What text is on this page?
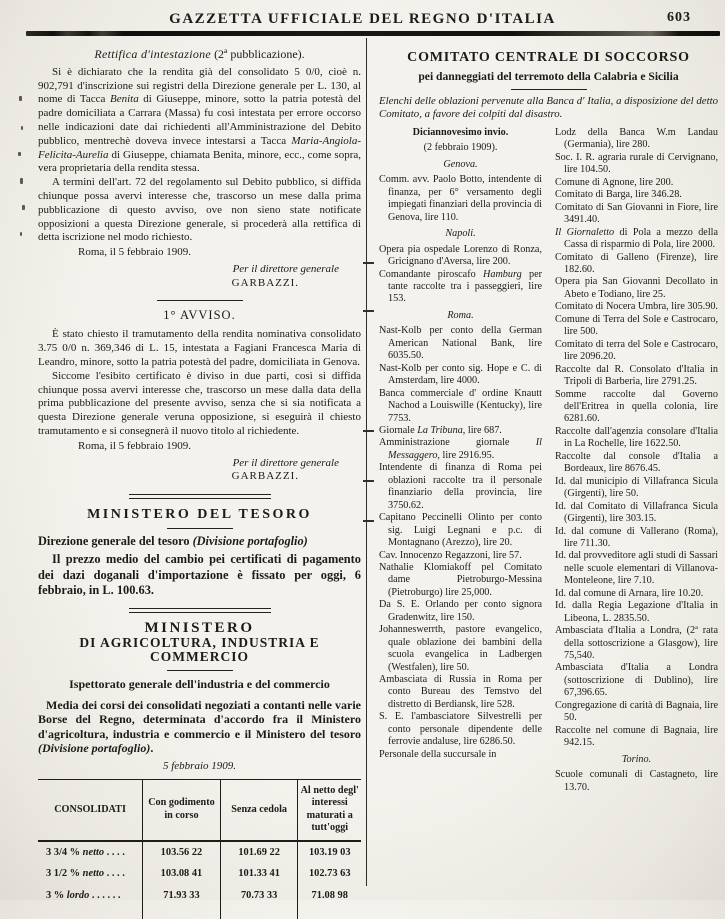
GAZZETTA UFFICIALE DEL REGNO D'ITALIA	603
Rettifica d'intestazione (2ª pubblicazione).

Si è dichiarato che la rendita già del consolidato 5 0/0, cioè n. 902,791 d'inscrizione sui registri della Direzione generale per L. 130, al nome di Tacca Benita di Giuseppe, minore, sotto la patria potestà del padre domiciliata a Carrara (Massa) fu così intestata per errore occorso nelle indicazioni date dai richiedenti all'Amministrazione del Debito pubblico, mentrechè doveva invece intestarsi a Tacca Maria-Angiola-Felicita-Aurelia di Giuseppe, chiamata Benita, minore, ecc., come sopra, vera proprietaria della rendita stessa.

A termini dell'art. 72 del regolamento sul Debito pubblico, si diffida chiunque possa avervi interesse che, trascorso un mese dalla prima pubblicazione di questo avviso, ove non sieno state notificate opposizioni a questa Direzione generale, si procederà alla rettifica di detta iscrizione nel modo richiesto.

Roma, il 5 febbraio 1909.
Per il direttore generale
GARBAZZI.
1° AVVISO.

È stato chiesto il tramutamento della rendita nominativa consolidato 3.75 0/0 n. 369,346 di L. 15, intestata a Fagiani Francesca Maria di Leandro, minore, sotto la patria potestà del padre, domiciliata in Genova.

Siccome l'esibito certificato è diviso in due parti, così si diffida chiunque possa avervi interesse che, trascorso un mese dalla data della prima pubblicazione del presente avviso, senza che si sia notificata a questa Direzione generale veruna opposizione, si eseguirà il chiesto tramutamento e si consegnerà il nuovo titolo al richiedente.

Roma, il 5 febbraio 1909.
Per il direttore generale
GARBAZZI.
MINISTERO DEL TESORO
Direzione generale del tesoro (Divisione portafoglio)

Il prezzo medio del cambio pei certificati di pagamento dei dazi doganali d'importazione è fissato per oggi, 6 febbraio, in L. 100.63.

MINISTERO
DI AGRICOLTURA, INDUSTRIA E COMMERCIO
Ispettorato generale dell'industria e del commercio

Media dei corsi dei consolidati negoziati a contanti nelle varie Borse del Regno, determinata d'accordo fra il Ministero d'agricoltura, industria e commercio e il Ministero del tesoro (Divisione portafoglio).

5 febbraio 1909.
CONSOLIDATI	Con godimento in corso	Senza cedola	Al netto degl' interessi maturati a tutt'oggi
3 3/4 % netto . . . .	103.56 22	101.69 22	103.19 03
3 1/2 % netto . . . .	103.08 41	101.33 41	102.73 63
3 % lordo . . . . . .	71.93 33	70.73 33	71.08 98

COMITATO CENTRALE DI SOCCORSO
pei danneggiati del terremoto della Calabria e Sicilia
Elenchi delle oblazioni pervenute alla Banca d' Italia, a disposizione del detto Comitato, a favore dei colpiti dal disastro.
Diciannovesimo invio.
(2 febbraio 1909).
Genova.
Comm. avv. Paolo Botto, intendente di finanza, per 6° versamento degli impiegati finanziari della provincia di Genova, lire 110.
Napoli.
Opera pia ospedale Lorenzo di Ronza, Gricignano d'Aversa, lire 200.
Comandante piroscafo Hamburg per tante raccolte tra i passeggieri, lire 153.
Roma.
Nast-Kolb per conto della German American National Bank, lire 6035.50.
Nast-Kolb per conto sig. Hope e C. di Amsterdam, lire 4000.
Banca commerciale d' ordine Knautt Nachod a Louiswille (Kentucky), lire 7753.
Giornale La Tribuna, lire 687.
Amministrazione giornale Il Messaggero, lire 2916.95.
Intendente di finanza di Roma pei oblazioni raccolte tra il personale finanziario della provincia, lire 3750.62.
Capitano Peccinelli Olinto per conto sig. Luigi Legnani e p.c. di Montagnano (Arezzo), lire 20.
Cav. Innocenzo Regazzoni, lire 57.
Nathalie Klomiakoff pel Comitato dame Pietroburgo-Messina (Pietroburgo) lire 25,000.
Da S. E. Orlando per conto signora Gradenwitz, lire 150.
Johanneswerrth, pastore evangelico, quale oblazione dei bambini della scuola evangelica in Ladbergen (Westfalen), lire 50.
Ambasciata di Russia in Roma per conto Bureau des Temstvo del distretto di Berdiansk, lire 528.
S. E. l'ambasciatore Silvestrelli per conto personale dipendente delle ferrovie andaluse, lire 6286.50.
Personale della succursale in
Lodz della Banca W.m Landau (Germania), lire 280.
Soc. I. R. agraria rurale di Cervignano, lire 104.50.
Comune di Agnone, lire 200.
Comitato di Barga, lire 346.28.
Comitato di San Giovanni in Fiore, lire 3491.40.
Il Giornaletto di Pola a mezzo della Cassa di risparmio di Pola, lire 2000.
Comitato di Galleno (Firenze), lire 182.60.
Opera pia San Giovanni Decollato in Abeto e Todiano, lire 25.
Comitato di Nocera Umbra, lire 305.90.
Comune di Terra del Sole e Castrocaro, lire 500.
Comitato di terra del Sole e Castrocaro, lire 2096.20.
Raccolte dal R. Consolato d'Italia in Tripoli di Barberia, lire 2791.25.
Somme raccolte dal Governo dell'Eritrea in quella colonia, lire 6281.60.
Raccolte dall'agenzia consolare d'Italia in La Rochelle, lire 1622.50.
Raccolte dal console d'Italia a Bordeaux, lire 8676.45.
Id. dal municipio di Villafranca Sicula (Girgenti), lire 50.
Id. dal Comitato di Villafranca Sicula (Girgenti), lire 303.15.
Id. dal comune di Vallerano (Roma), lire 711.30.
Id. dal provveditore agli studi di Sassari nelle scuole elementari di Villanova-Monteleone, lire 7.10.
Id. dal comune di Arnara, lire 10.20.
Id. dalla Regia Legazione d'Italia in Libeona, L. 2835.50.
Ambasciata d'Italia a Londra, (2ª rata della sottoscrizione a Glasgow), lire 75,540.
Ambasciata d'Italia a Londra (sottoscrizione di Dublino), lire 67,396.65.
Congregazione di carità di Bagnaia, lire 50.
Raccolte nel comune di Bagnaia, lire 942.15.
Torino.
Scuole comunali di Castagneto, lire 13.70.
